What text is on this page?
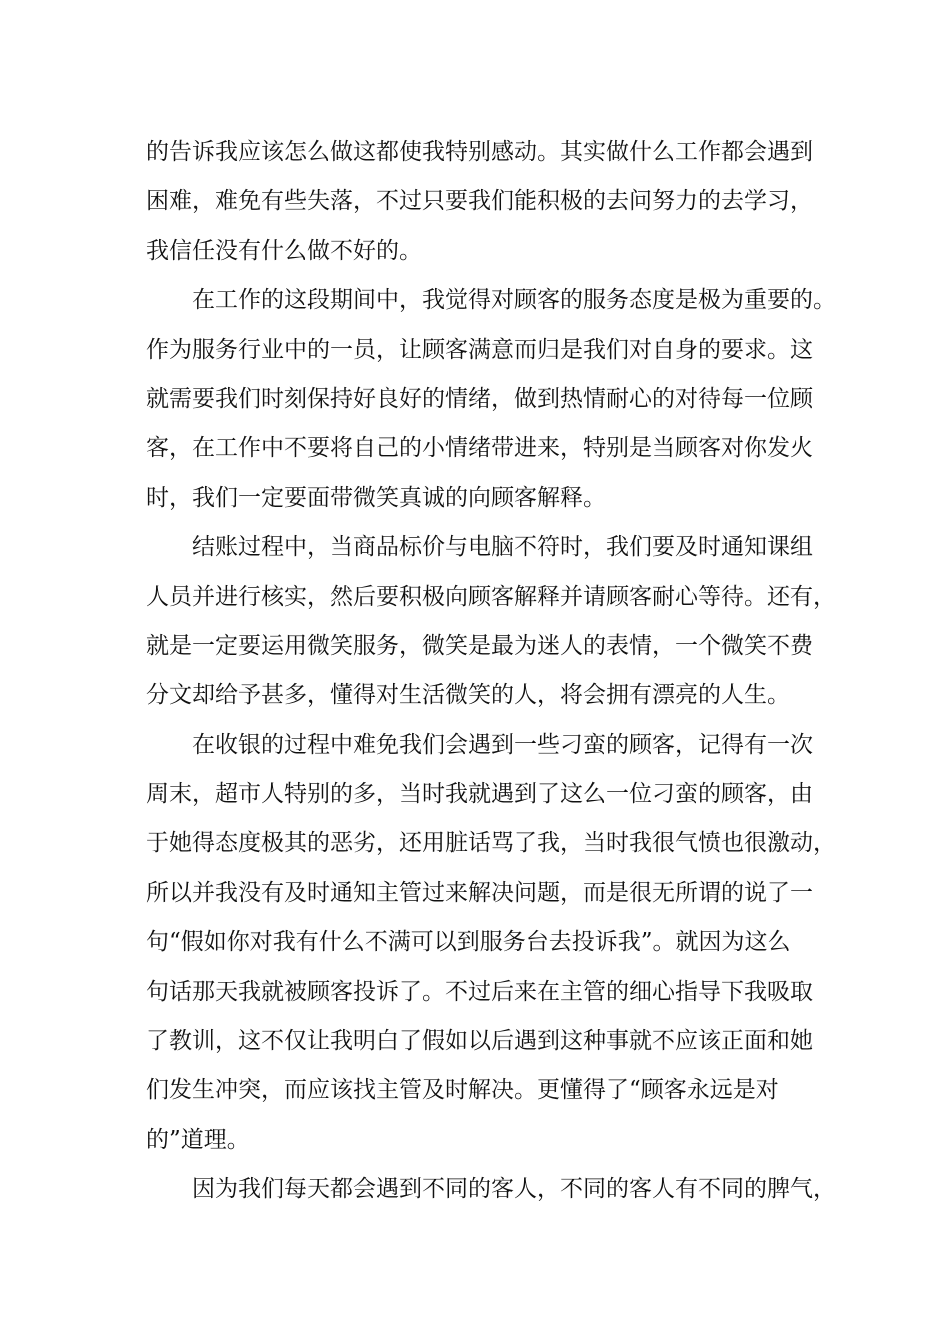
的告诉我应该怎么做这都使我特别感动。其实做什么工作都会遇到
困难，难免有些失落，不过只要我们能积极的去问努力的去学习，
我信任没有什么做不好的。
在工作的这段期间中，我觉得对顾客的服务态度是极为重要的。
作为服务行业中的一员，让顾客满意而归是我们对自身的要求。这
就需要我们时刻保持好良好的情绪，做到热情耐心的对待每一位顾
客，在工作中不要将自己的小情绪带进来，特别是当顾客对你发火
时，我们一定要面带微笑真诚的向顾客解释。
结账过程中，当商品标价与电脑不符时，我们要及时通知课组
人员并进行核实，然后要积极向顾客解释并请顾客耐心等待。还有，
就是一定要运用微笑服务，微笑是最为迷人的表情，一个微笑不费
分文却给予甚多，懂得对生活微笑的人，将会拥有漂亮的人生。
在收银的过程中难免我们会遇到一些刁蛮的顾客，记得有一次
周末，超市人特别的多，当时我就遇到了这么一位刁蛮的顾客，由
于她得态度极其的恶劣，还用脏话骂了我，当时我很气愤也很激动，
所以并我没有及时通知主管过来解决问题，而是很无所谓的说了一
句“假如你对我有什么不满可以到服务台去投诉我”。就因为这么
句话那天我就被顾客投诉了。不过后来在主管的细心指导下我吸取
了教训，这不仅让我明白了假如以后遇到这种事就不应该正面和她
们发生冲突，而应该找主管及时解决。更懂得了“顾客永远是对
的”道理。
因为我们每天都会遇到不同的客人，不同的客人有不同的脾气，
